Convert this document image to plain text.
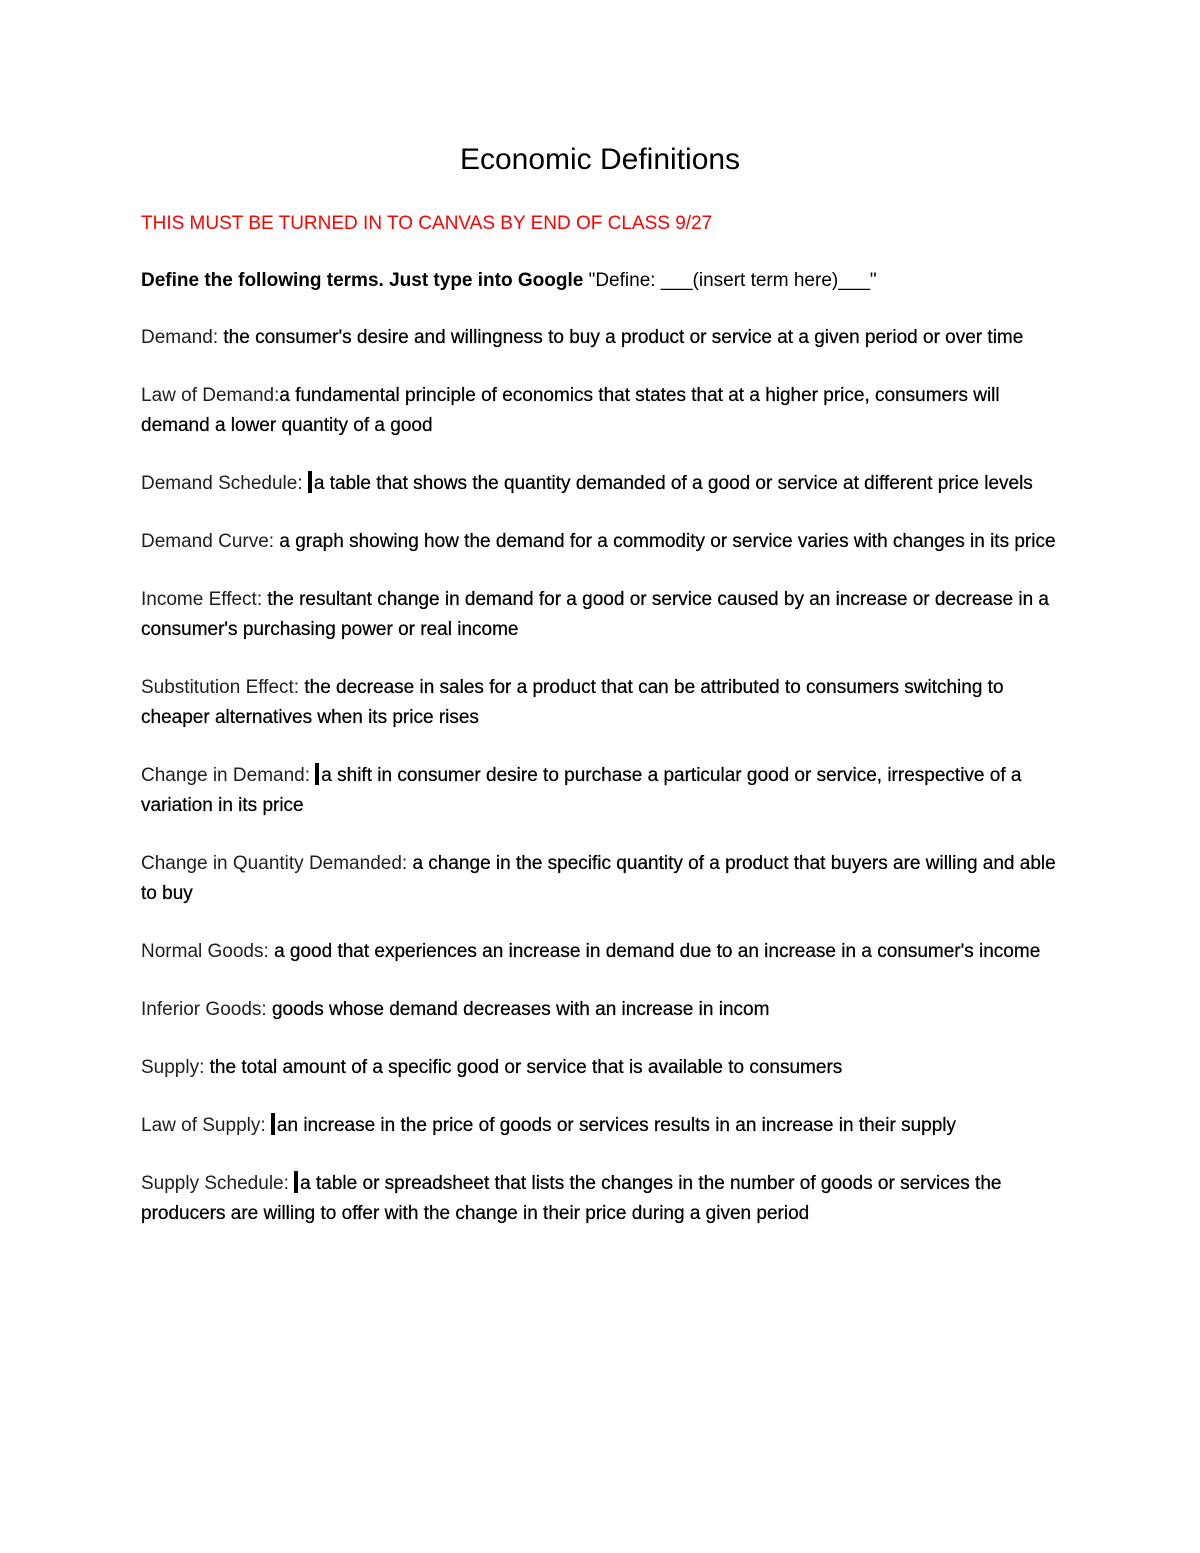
Economic Definitions

THIS MUST BE TURNED IN TO CANVAS BY END OF CLASS 9/27

Define the following terms. Just type into Google "Define: ___(insert term here)___"

Demand: the consumer's desire and willingness to buy a product or service at a given period or over time

Law of Demand:a fundamental principle of economics that states that at a higher price, consumers will demand a lower quantity of a good

Demand Schedule: a table that shows the quantity demanded of a good or service at different price levels

Demand Curve: a graph showing how the demand for a commodity or service varies with changes in its price

Income Effect: the resultant change in demand for a good or service caused by an increase or decrease in a consumer's purchasing power or real income

Substitution Effect: the decrease in sales for a product that can be attributed to consumers switching to cheaper alternatives when its price rises

Change in Demand: a shift in consumer desire to purchase a particular good or service, irrespective of a variation in its price

Change in Quantity Demanded: a change in the specific quantity of a product that buyers are willing and able to buy

Normal Goods: a good that experiences an increase in demand due to an increase in a consumer's income

Inferior Goods: goods whose demand decreases with an increase in incom

Supply: the total amount of a specific good or service that is available to consumers

Law of Supply: an increase in the price of goods or services results in an increase in their supply

Supply Schedule: a table or spreadsheet that lists the changes in the number of goods or services the producers are willing to offer with the change in their price during a given period
